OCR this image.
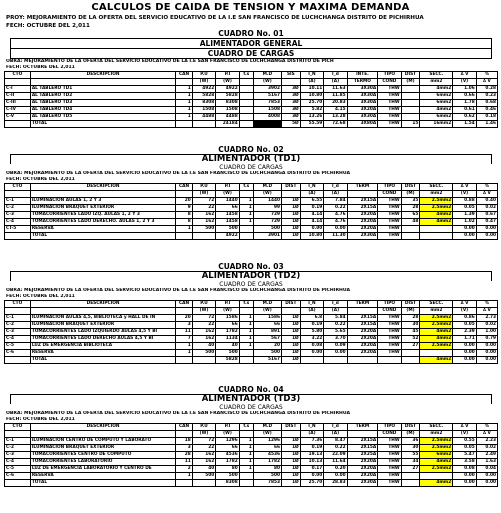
CALCULOS DE CAIDA DE TENSION Y MAXIMA DEMANDA
PROY: MEJORAMIENTO DE LA OFERTA DEL SERVICIO EDUCATIVO DE LA I.E SAN FRANCISCO DE LUCHCHANGA DISTRITO DE PICHIRHUA
FECH: OCTUBRE DEL 2,011
CUADRO No. 01
ALIMENTADOR GENERAL
CUADRO DE CARGAS
OBRA: MEJORAMIENTO DE LA OFERTA DEL SERVICIO EDUCATIVO DE LA I.E SAN FRANCISCO DE LUCHCHANGA DISTRITO DE PICH
FECH: OCTUBRE DEL 2,011
CTO	DESCRIPCION	CAN	P.U	P.I	f.s	M.D	SIS	I_N	I_d	INTE.	TIPO	DIST	SECC.	∆ V	%
			(W)	(W)		(W)		(A)	(A)	TERMO	COND	(M)	mm2	(V)	∆ V
C-I	AL TABLERO TD1	1	4922	4922		3902	3Ø	10.11	11.63	3X30A	THW		4mm2	1.06	0.28
C-II	AL TABLERO TD2	1	5828	5828		5167	3Ø	10.80	11.85	3X30A	THW		6mm2	0.66	0.23
C-III	AL TABLERO TD3	1	8308	8308		7853	3Ø	25.70	20.83	3X30A	THW		6mm2	1.78	0.68
C-IV	AL TABLERO TD4	1	1508	1508		1508	3Ø	5.82	4.15	3X20A	THW		4mm2	0.61	0.46
C-V	AL TABLERO TD5	1	4488	4488		4008	3Ø	13.26	13.28	3X30A	THW		6mm2	0.62	0.18
	TOTAL			24184		■■■■	5Ø	55.59	72.68	3X80A	THW	15	16mm2	1.54	1.46
CUADRO No. 02
ALIMENTADOR (TD1)
CUADRO DE CARGAS
OBRA: MEJORAMIENTO DE LA OFERTA DEL SERVICIO EDUCATIVO DE LA I.E SAN FRANCISCO DE LUCHCHANGA DISTRITO DE PICHIRHUA
FECH: OCTUBRE DEL 2,011
CTO	DESCRIPCION	CAN	P.U	P.I	f.s	M.D	DIST	I_N	I_d	TERM	TIPO	DIST	SECC.	∆ V	%
			(W)	(W)		(W)		(A)	(A)		COND	(M)	mm2	(V)	∆ V
C-1	ILUMINACION AULAS 1, 2 Y 3	20	72	1440	1	1440	1Ø	6.55	7.84	2X15A	THW	35	2.5mm2	0.88	0.40
C-2	ILUMINACION BRAQUET EXTERIOR	9	22	66	1	99	1Ø	0.19	0.22	2X15A	THW	28	2.5mm2	0.05	0.02
C-3	TOMACORRIENTES LADO IZQ. AULAS 1, 2 Y 3	8	162	1458	1	729	1Ø	4.14	4.76	2X20A	THW	65	4mm2	1.39	0.67
C-4	TOMACORRIENTES LADO DERECHO. AULAS 1, 2 Y 3	8	162	1458	1	729	1Ø	4.14	4.76	2X20A	THW	48	4mm2	1.02	0.47
CT-5	RESERVA	1	500	500		500	1Ø	0.00	0.00	2X20A	THW			0.00	0.00
	TOTAL			4922		3901	1Ø	10.80	11.30	2X30A	THW			0.00	0.00
CUADRO No. 03
ALIMENTADOR (TD2)
CUADRO DE CARGAS
OBRA: MEJORAMIENTO DE LA OFERTA DEL SERVICIO EDUCATIVO DE LA I.E SAN FRANCISCO DE LUCHCHANGA DISTRITO DE PICHIRHUA
FECH: OCTUBRE DEL 2,011
CTO	DESCRIPCION	CAN	P.U	P.I	f.s	M.D	DIST	I_N	I_d	TERM	TIPO	DIST	SECC.	∆ V	%
			(W)	(W)		(W)		(A)	(A)		COND	(M)	mm2	(V)	∆ V
C-1	ILUMINACION AULAS 4,5, BIBLIOTECA y HALL DE IN	20	72	1586	1	1586	1Ø	6.8	5.84	2X15A	THW	28	2.5mm2	0.86	2.73
C-2	ILUMINACION BRAQUET EXTERIOR	3	22	66	1	66	1Ø	0.19	0.22	2X15A	THW	30	2.5mm2	0.05	0.02
C-3	TOMACORRIENTES LADO IZQUIERDO AULAS 4,5 Y BI	11	162	1782	1	891	1Ø	5.80	5.65	2X20A	THW	45	4mm2	2.39	1.00
C-4	TOMACORRIENTES LADO DERECHO AULAS 4,5 Y BI	7	162	1134	1	567	1Ø	3.22	3.70	2X20A	THW	52	4mm2	1.71	0.79
C-5	LUZ DE EMERGENCIA BIBLIOTECA	1	40	40	1	20	1Ø	0.08	0.09	2X20A	THW	27	2.5mm2	0.00	0.00
C-6	RESERVA	1	500	500		500	1Ø	0.00	0.00	2X20A	THW			0.00	0.00
	TOTAL			5828		5167	1Ø						4mm2	0.00	0.00
CUADRO No. 04
ALIMENTADOR (TD3)
CUADRO DE CARGAS
OBRA: MEJORAMIENTO DE LA OFERTA DEL SERVICIO EDUCATIVO DE LA I.E SAN FRANCISCO DE LUCHCHANGA DISTRITO DE PICHIRHUA
FECH: OCTUBRE DEL 2,011
CTO	DESCRIPCION	CAN	P.U	P.I	f.s	M.D	DIST	I_N	I_d	TERM	TIPO	DIST	SECC.	∆ V	%
			(W)	(W)		(W)		(A)	(A)		COND	(M)	mm2	(V)	∆ V
C-1	ILUMINACION CENTRO DE COMPUTO Y LABORATO	18	72	1296	1	1296	1Ø	7.36	8.47	2X15A	THW	36	2.5mm2	0.55	2.23
C-2	ILUMINACION BRAQUET EXTERIOR	3	22	66	1	66	1Ø	0.19	0.22	2X15A	THW	30	2.5mm2	0.05	0.02
C-3	TOMACORRIENTES CENTRO DE COMPUTO	28	162	4536	1	4536	1Ø	19.13	22.09	2X25A	THW	55	6mm2	5.47	2.49
C-4	TOMACORRIENTES LABORATORIO	11	162	1782	1	1782	1Ø	10.13	11.64	2X20A	THW	34	4mm2	3.58	1.63
C-5	LUZ DE EMERGENCIA LABORATORIO Y CENTRO DE	2	40	80	1	80	1Ø	0.17	0.20	2X20A	THW	27	2.5mm2	0.08	0.04
C-6	RESERVA	1	500	500		500	1Ø	0.00	0.00	2X20A	THW			0.00	0.00
	TOTAL			8308		7853	1Ø	25.70	28.83	2X30A	THW		4mm2	0.00	0.00
